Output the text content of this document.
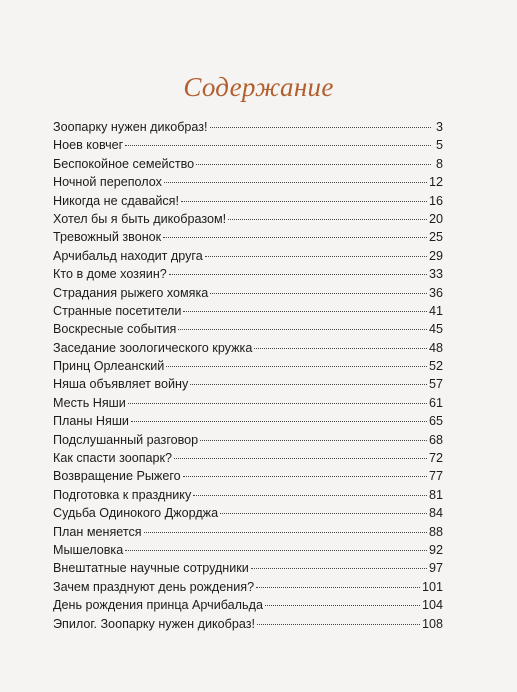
Содержание
Зоопарку нужен дикобраз!	3
Ноев ковчег	5
Беспокойное семейство	8
Ночной переполох	12
Никогда не сдавайся!	16
Хотел бы я быть дикобразом!	20
Тревожный звонок	25
Арчибальд находит друга	29
Кто в доме хозяин?	33
Страдания рыжего хомяка	36
Странные посетители	41
Воскресные события	45
Заседание зоологического кружка	48
Принц Орлеанский	52
Няша объявляет войну	57
Месть Няши	61
Планы Няши	65
Подслушанный разговор	68
Как спасти зоопарк?	72
Возвращение Рыжего	77
Подготовка к празднику	81
Судьба Одинокого Джорджа	84
План меняется	88
Мышеловка	92
Внештатные научные сотрудники	97
Зачем празднуют день рождения?	101
День рождения принца Арчибальда	104
Эпилог. Зоопарку нужен дикобраз!	108
